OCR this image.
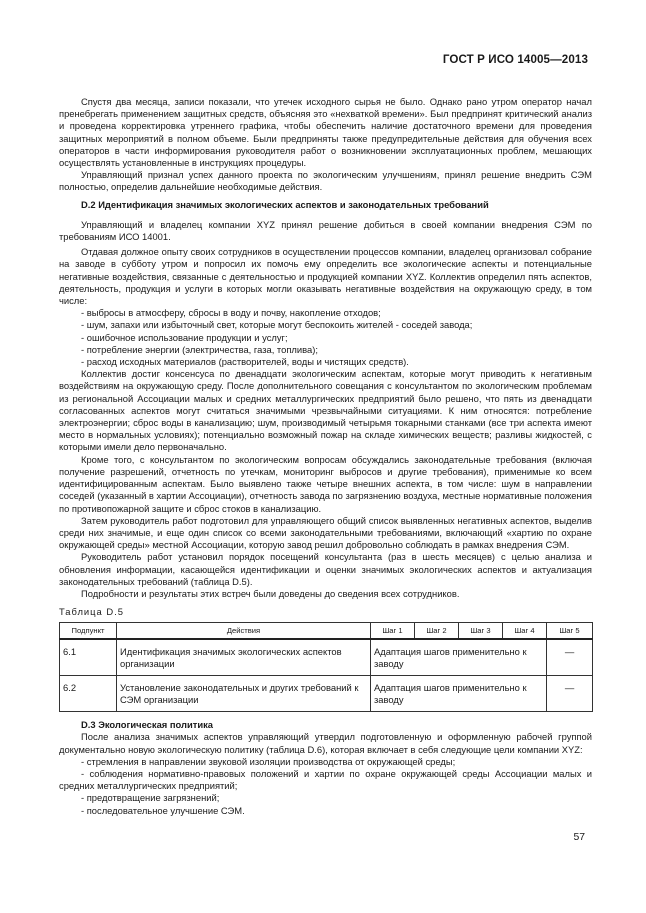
ГОСТ Р ИСО 14005—2013

Спустя два месяца, записи показали, что утечек исходного сырья не было. Однако рано утром оператор начал пренебрегать применением защитных средств, объясняя это «нехваткой времени». Был предпринят критический анализ и проведена корректировка утреннего графика, чтобы обеспечить наличие достаточного времени для проведения защитных мероприятий в полном объеме. Были предприняты также предупредительные действия для обучения всех операторов в части информирования руководителя работ о возникновении эксплуатационных проблем, мешающих осуществлять установленные в инструкциях процедуры.

Управляющий признал успех данного проекта по экологическим улучшениям, принял решение внедрить СЭМ полностью, определив дальнейшие необходимые действия.

D.2 Идентификация значимых экологических аспектов и законодательных требований

Управляющий и владелец компании XYZ принял решение добиться в своей компании внедрения СЭМ по требованиям ИСО 14001.

Отдавая должное опыту своих сотрудников в осуществлении процессов компании, владелец организовал собрание на заводе в субботу утром и попросил их помочь ему определить все экологические аспекты и потенциальные негативные воздействия, связанные с деятельностью и продукцией компании XYZ. Коллектив определил пять аспектов, деятельность, продукция и услуги в которых могли оказывать негативные воздействия на окружающую среду, в том числе:

- выбросы в атмосферу, сбросы в воду и почву, накопление отходов;

- шум, запахи или избыточный свет, которые могут беспокоить жителей - соседей завода;

- ошибочное использование продукции и услуг;

- потребление энергии (электричества, газа, топлива);

- расход исходных материалов (растворителей, воды и чистящих средств).

Коллектив достиг консенсуса по двенадцати экологическим аспектам, которые могут приводить к негативным воздействиям на окружающую среду. После дополнительного совещания с консультантом по экологическим проблемам из региональной Ассоциации малых и средних металлургических предприятий было решено, что пять из двенадцати согласованных аспектов могут считаться значимыми чрезвычайными ситуациями. К ним относятся: потребление электроэнергии; сброс воды в канализацию; шум, производимый четырьмя токарными станками (все три аспекта имеют место в нормальных условиях); потенциально возможный пожар на складе химических веществ; разливы жидкостей, с которыми имели дело первоначально.

Кроме того, с консультантом по экологическим вопросам обсуждались законодательные требования (включая получение разрешений, отчетность по утечкам, мониторинг выбросов и другие требования), применимые ко всем идентифицированным аспектам. Было выявлено также четыре внешних аспекта, в том числе: шум в направлении соседей (указанный в хартии Ассоциации), отчетность завода по загрязнению воздуха, местные нормативные положения по противопожарной защите и сброс стоков в канализацию.

Затем руководитель работ подготовил для управляющего общий список выявленных негативных аспектов, выделив среди них значимые, и еще один список со всеми законодательными требованиями, включающий «хартию по охране окружающей среды» местной Ассоциации, которую завод решил добровольно соблюдать в рамках внедрения СЭМ.

Руководитель работ установил порядок посещений консультанта (раз в шесть месяцев) с целью анализа и обновления информации, касающейся идентификации и оценки значимых экологических аспектов и актуализация законодательных требований (таблица D.5).

Подробности и результаты этих встреч были доведены до сведения всех сотрудников.

Таблица D.5
Подпункт	Действия	Шаг 1	Шаг 2	Шаг 3	Шаг 4	Шаг 5
6.1	Идентификация значимых экологических аспектов организации	Адаптация шагов применительно к заводу				—
6.2	Установление законодательных и других требований к СЭМ организации	Адаптация шагов применительно к заводу				—
D.3 Экологическая политика

После анализа значимых аспектов управляющий утвердил подготовленную и оформленную рабочей группой документально новую экологическую политику (таблица D.6), которая включает в себя следующие цели компании XYZ:

- стремления в направлении звуковой изоляции производства от окружающей среды;

- соблюдения нормативно-правовых положений и хартии по охране окружающей среды Ассоциации малых и средних металлургических предприятий;

- предотвращение загрязнений;

- последовательное улучшение СЭМ.

57
